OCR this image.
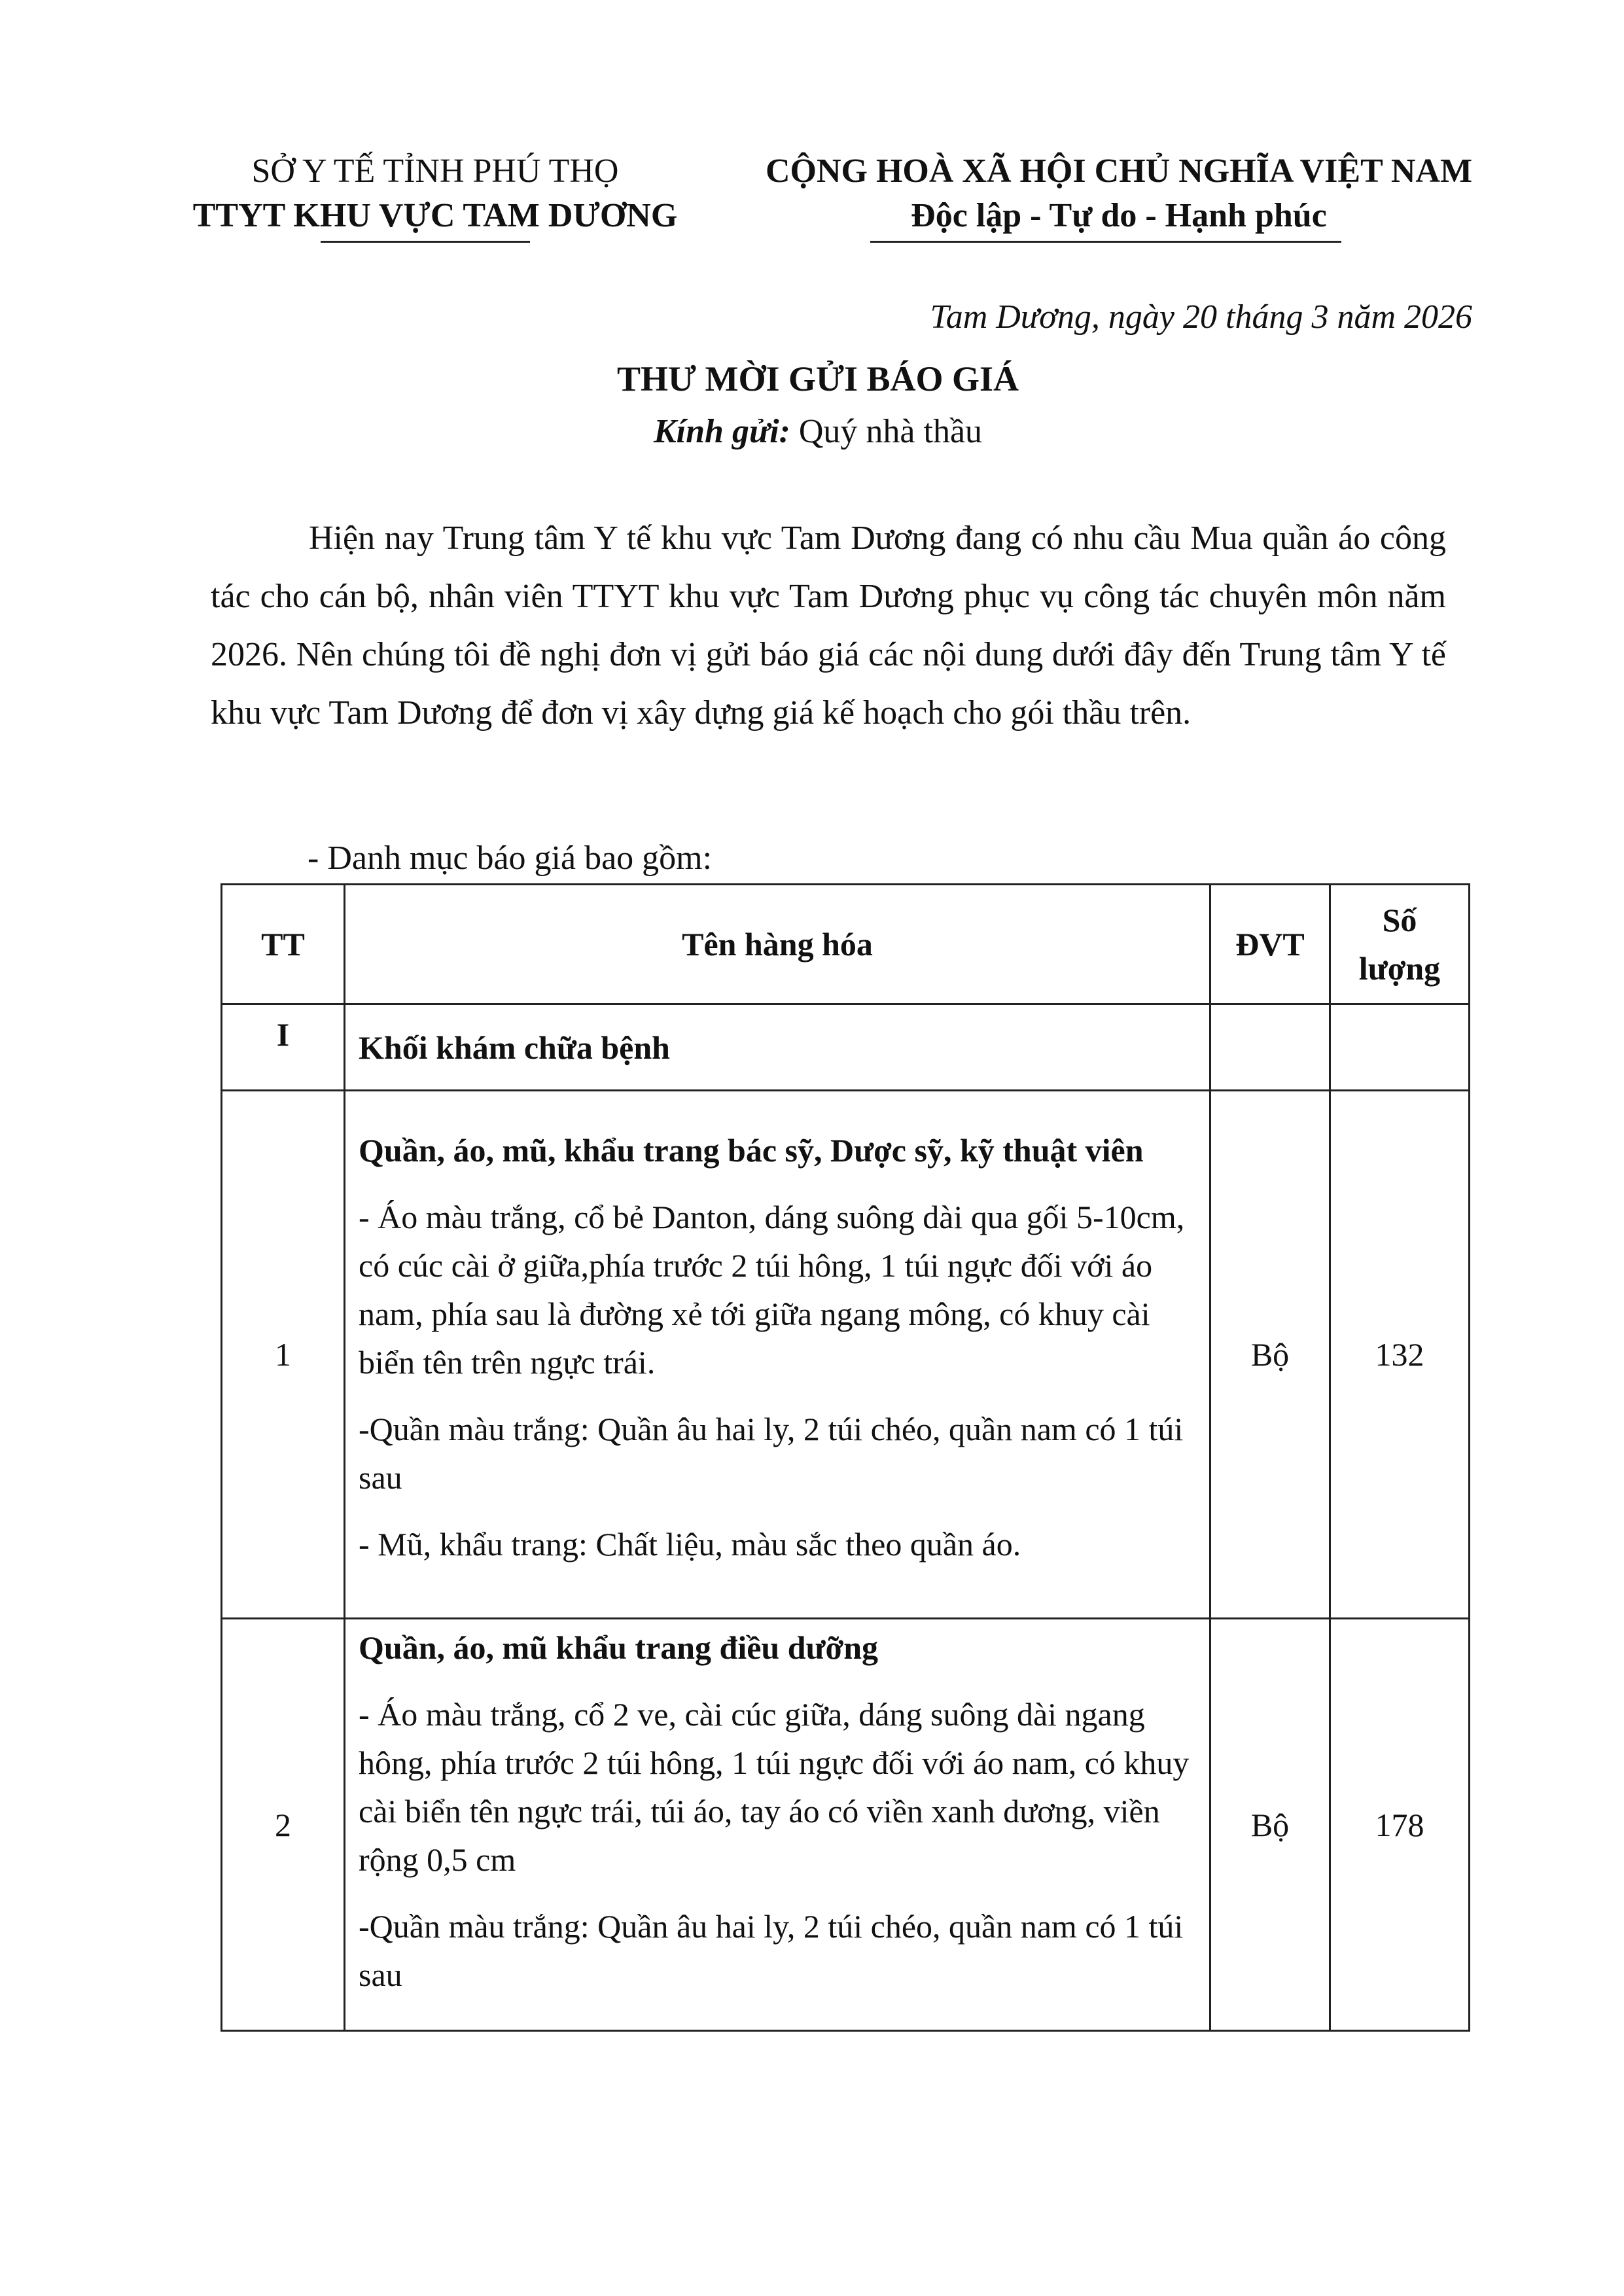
SỞ Y TẾ TỈNH PHÚ THỌ
TTYT KHU VỰC TAM DƯƠNG
CỘNG HOÀ XÃ HỘI CHỦ NGHĨA VIỆT NAM
Độc lập - Tự do - Hạnh phúc
Tam Dương, ngày 20 tháng 3 năm 2026
THƯ MỜI GỬI BÁO GIÁ
Kính gửi: Quý nhà thầu
Hiện nay Trung tâm Y tế khu vực Tam Dương đang có nhu cầu Mua quần áo công tác cho cán bộ, nhân viên TTYT khu vực Tam Dương phục vụ công tác chuyên môn năm 2026. Nên chúng tôi đề nghị đơn vị gửi báo giá các nội dung dưới đây đến Trung tâm Y tế khu vực Tam Dương để đơn vị xây dựng giá kế hoạch cho gói thầu trên.
- Danh mục báo giá bao gồm:
TT	Tên hàng hóa	ĐVT	Số
lượng

I	Khối khám chữa bệnh		
1	Quần, áo, mũ, khẩu trang bác sỹ, Dược sỹ, kỹ thuật viên
- Áo màu trắng, cổ bẻ Danton, dáng suông dài qua gối 5-10cm, có cúc cài ở giữa,phía trước 2 túi hông, 1 túi ngực đối với áo nam, phía sau là đường xẻ tới giữa ngang mông, có khuy cài biển tên trên ngực trái.
-Quần màu trắng: Quần âu hai ly, 2 túi chéo, quần nam có 1 túi sau
- Mũ, khẩu trang: Chất liệu, màu sắc theo quần áo.	Bộ	132
2	Quần, áo, mũ khẩu trang điều dưỡng
- Áo màu trắng, cổ 2 ve, cài cúc giữa, dáng suông dài ngang hông, phía trước 2 túi hông, 1 túi ngực đối với áo nam, có khuy cài biển tên ngực trái, túi áo, tay áo có viền xanh dương, viền rộng 0,5 cm
-Quần màu trắng: Quần âu hai ly, 2 túi chéo, quần nam có 1 túi sau	Bộ	178
